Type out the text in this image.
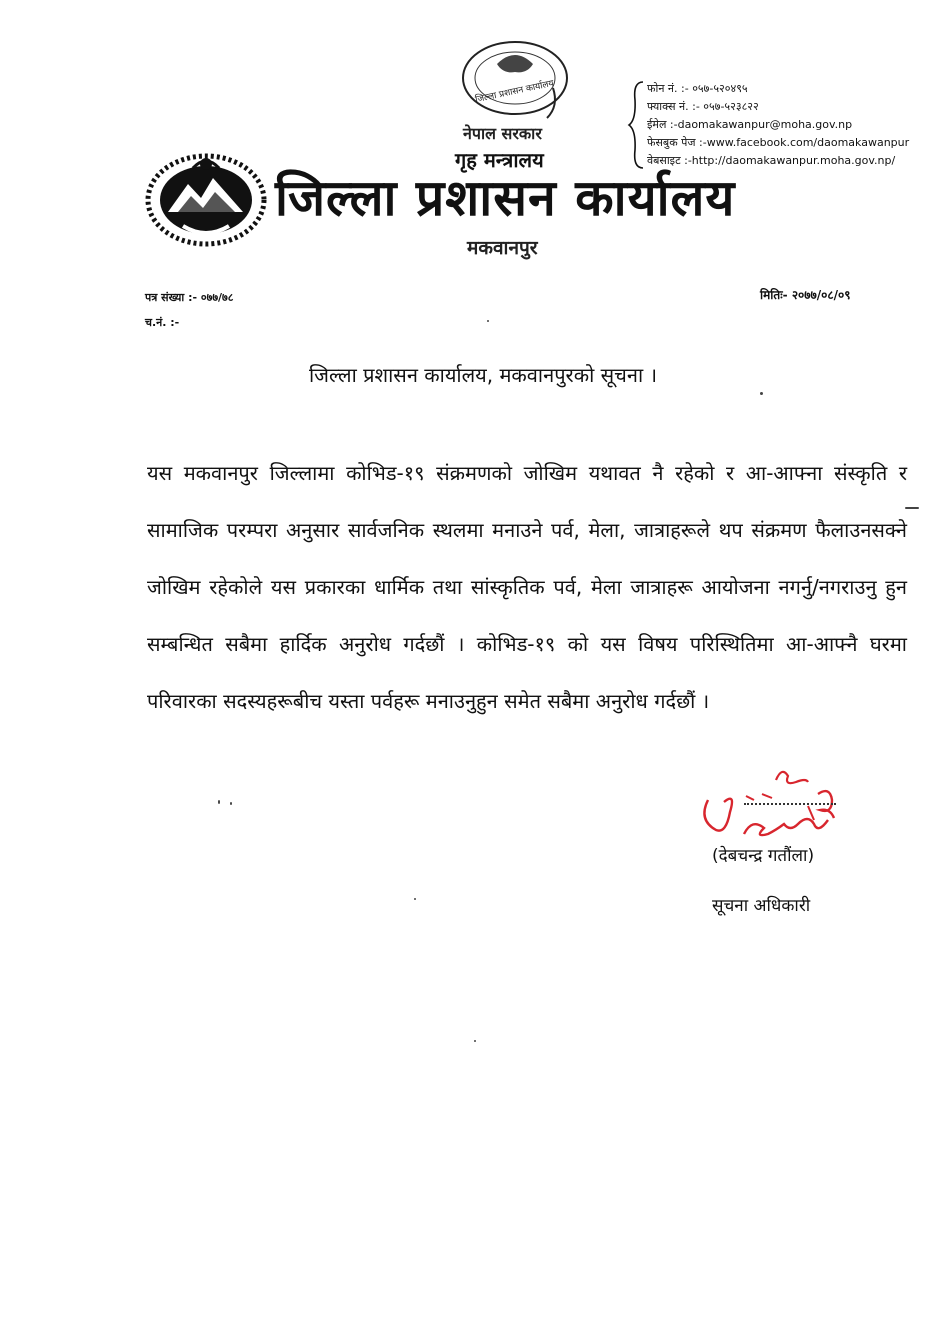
जिल्ला प्रशासन कार्यालय
नेपाल सरकार
गृह मन्त्रालय
फोन नं. :- ०५७-५२०४९५
फ्याक्स नं. :- ०५७-५२३८२२
ईमेल :-daomakawanpur@moha.gov.np
फेसबुक पेज :-www.facebook.com/daomakawanpur
वेबसाइट :-http://daomakawanpur.moha.gov.np/
जिल्ला प्रशासन कार्यालय
मकवानपुर
पत्र संख्या :- ०७७/७८
च.नं. :-
मितिः- २०७७/०८/०९
जिल्ला प्रशासन कार्यालय, मकवानपुरको सूचना ।

यस मकवानपुर जिल्लामा कोभिड-१९ संक्रमणको जोखिम यथावत नै रहेको र आ-आफ्ना संस्कृति र सामाजिक परम्परा अनुसार सार्वजनिक स्थलमा मनाउने पर्व, मेला, जात्राहरूले थप संक्रमण फैलाउनसक्ने जोखिम रहेकोले यस प्रकारका धार्मिक तथा सांस्कृतिक पर्व, मेला जात्राहरू आयोजना नगर्नु/नगराउनु हुन सम्बन्धित सबैमा हार्दिक अनुरोध गर्दछौं । कोभिड-१९ को यस विषय परिस्थितिमा आ-आफ्नै घरमा परिवारका सदस्यहरूबीच यस्ता पर्वहरू मनाउनुहुन समेत सबैमा अनुरोध गर्दछौं ।

(देबचन्द्र गतौंला)
सूचना अधिकारी
